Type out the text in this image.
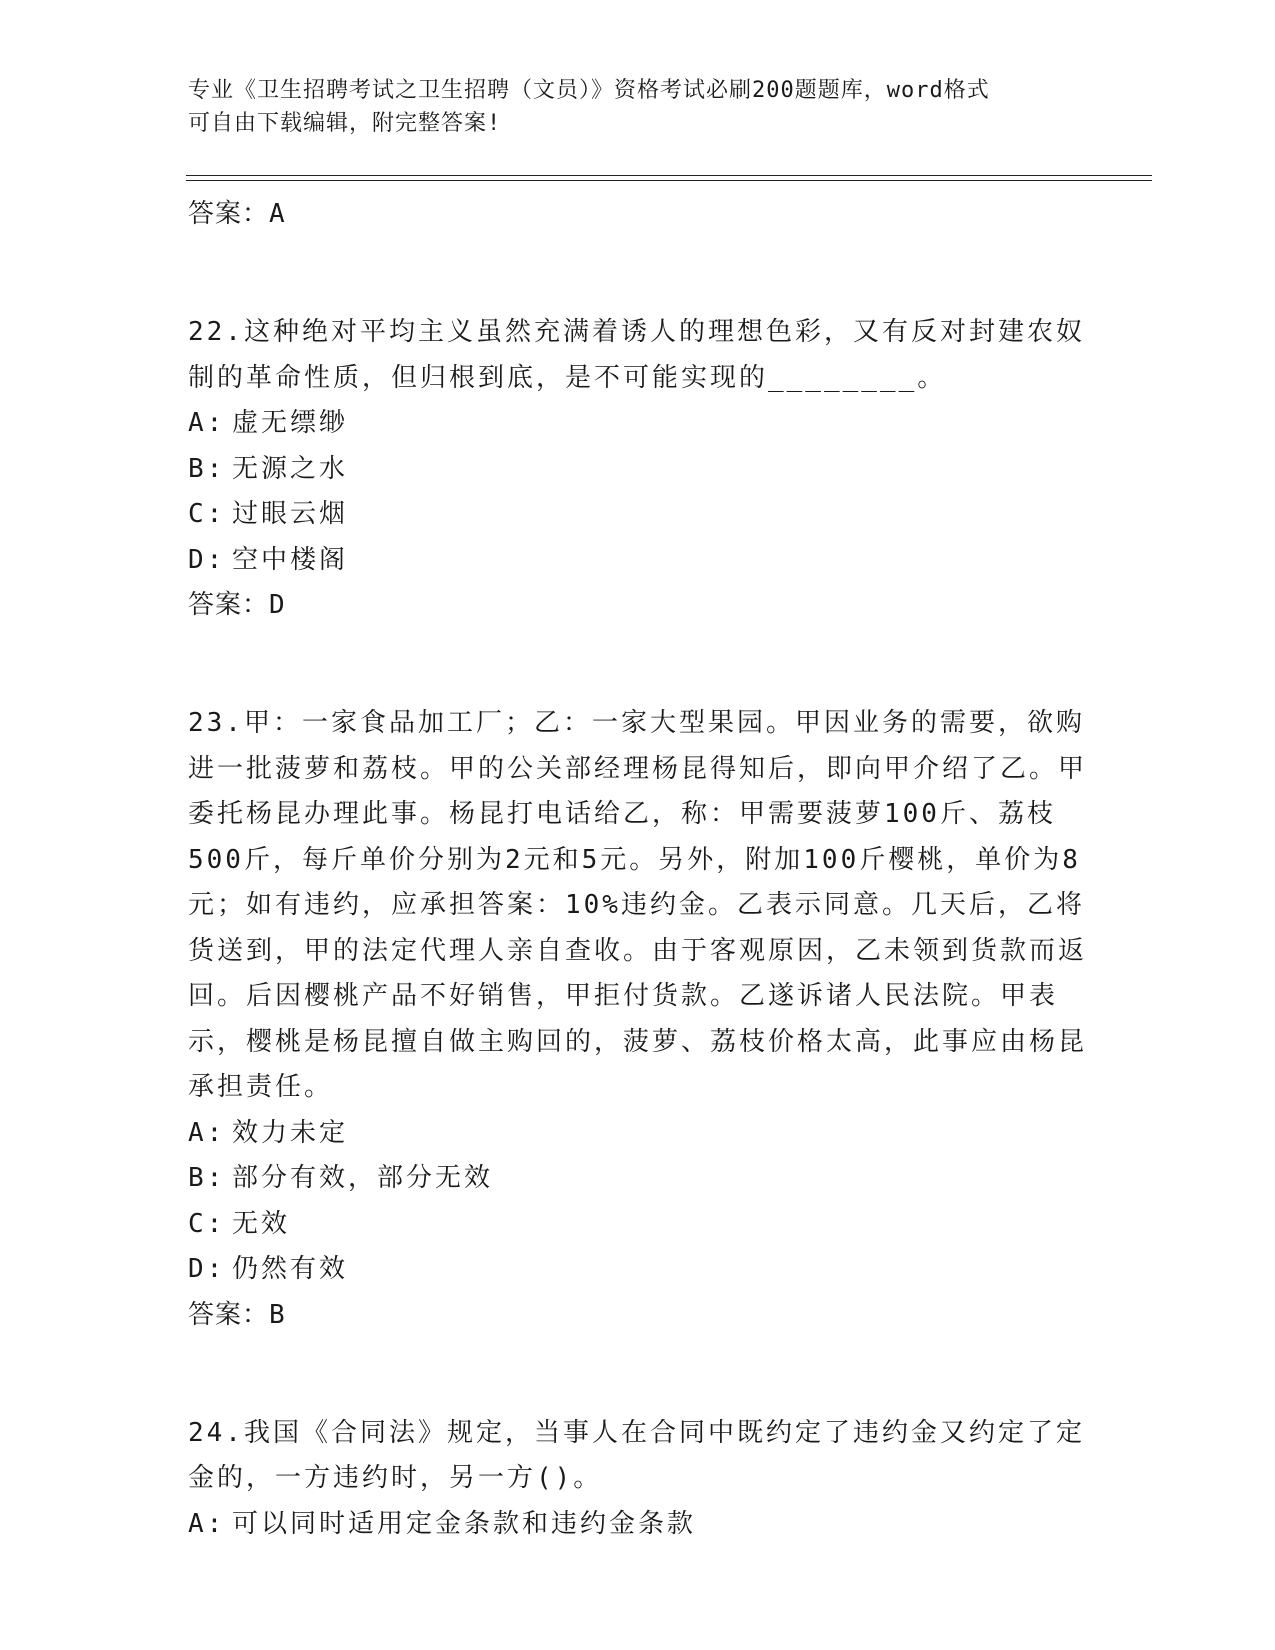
专业《卫生招聘考试之卫生招聘（文员）》资格考试必刷200题题库，word格式
可自由下载编辑，附完整答案!
答案：A
22.这种绝对平均主义虽然充满着诱人的理想色彩，又有反对封建农奴制的革命性质，但归根到底，是不可能实现的________。
A: 虚无缥缈
B: 无源之水
C: 过眼云烟
D: 空中楼阁
答案：D
23.甲：一家食品加工厂；乙：一家大型果园。甲因业务的需要，欲购进一批菠萝和荔枝。甲的公关部经理杨昆得知后，即向甲介绍了乙。甲委托杨昆办理此事。杨昆打电话给乙，称：甲需要菠萝100斤、荔枝500斤，每斤单价分别为2元和5元。另外，附加100斤樱桃，单价为8元；如有违约，应承担答案：10%违约金。乙表示同意。几天后，乙将货送到，甲的法定代理人亲自查收。由于客观原因，乙未领到货款而返回。后因樱桃产品不好销售，甲拒付货款。乙遂诉诸人民法院。甲表示，樱桃是杨昆擅自做主购回的，菠萝、荔枝价格太高，此事应由杨昆承担责任。
A: 效力未定
B: 部分有效，部分无效
C: 无效
D: 仍然有效
答案：B
24.我国《合同法》规定，当事人在合同中既约定了违约金又约定了定金的，一方违约时，另一方()。
A: 可以同时适用定金条款和违约金条款
